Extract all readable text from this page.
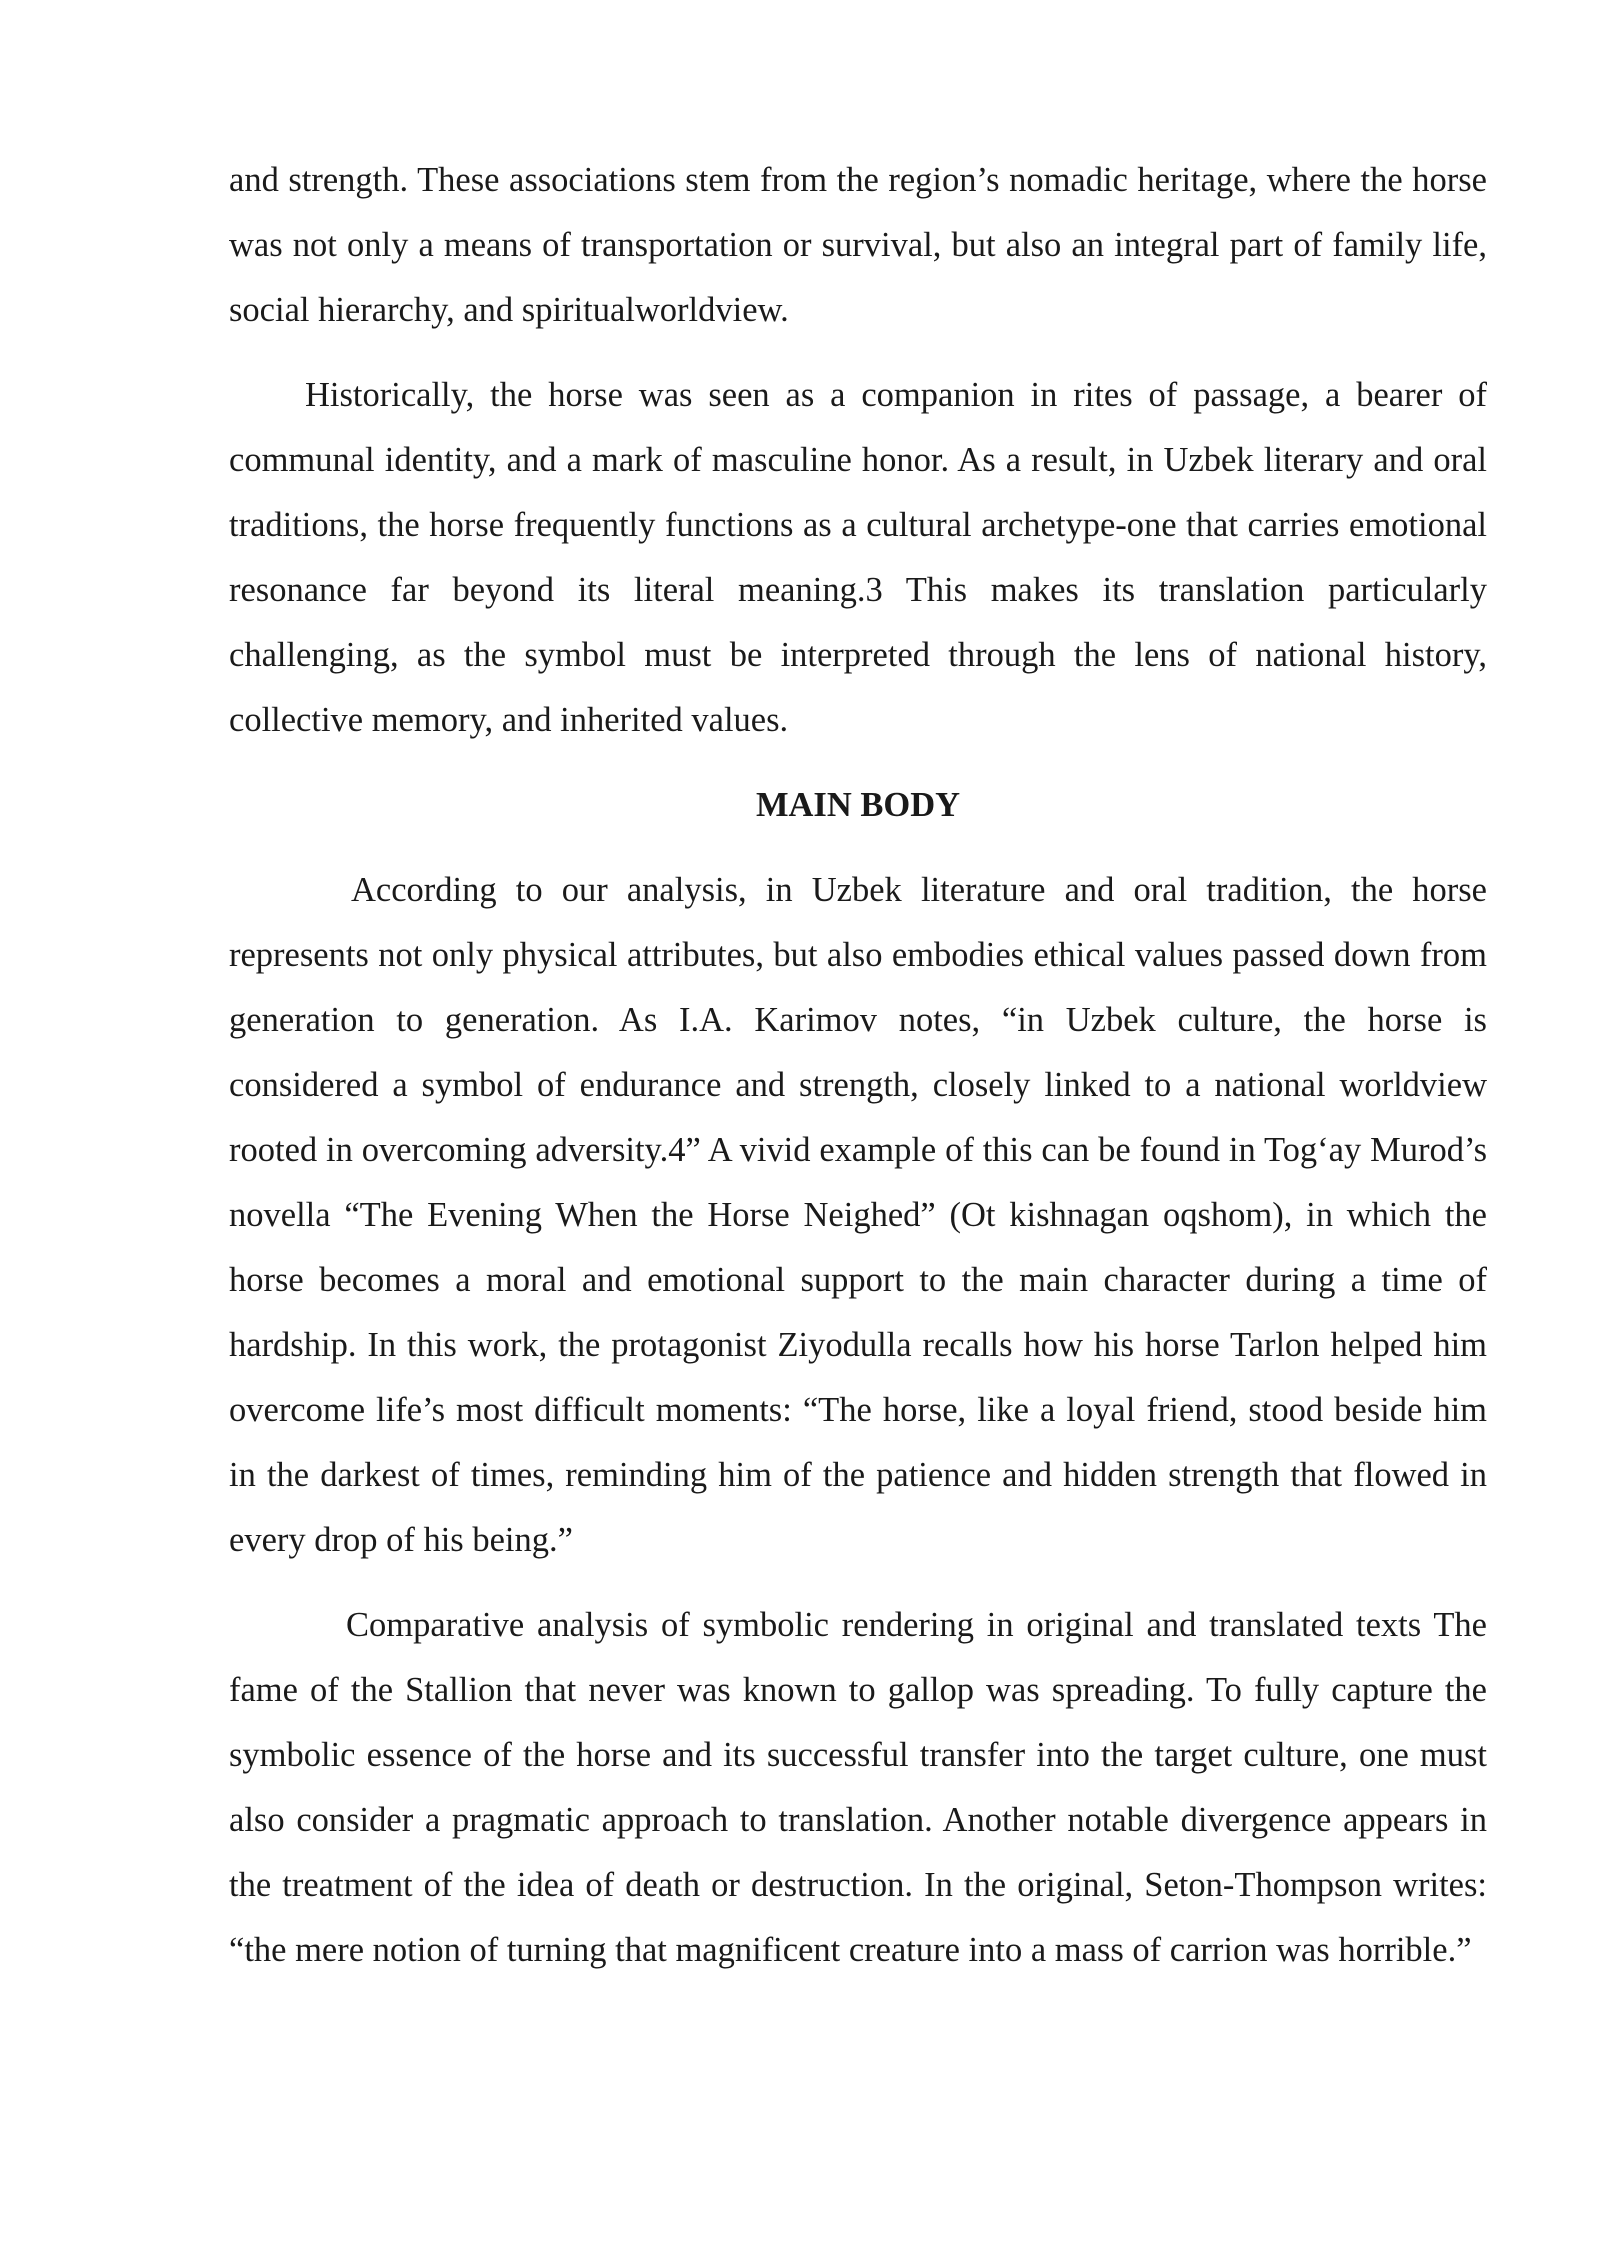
and strength. These associations stem from the region’s nomadic heritage, where the horse was not only a means of transportation or survival, but also an integral part of family life, social hierarchy, and spiritualworldview.

Historically, the horse was seen as a companion in rites of passage, a bearer of communal identity, and a mark of masculine honor. As a result, in Uzbek literary and oral traditions, the horse frequently functions as a cultural archetype-one that carries emotional resonance far beyond its literal meaning.3 This makes its translation particularly challenging, as the symbol must be interpreted through the lens of national history, collective memory, and inherited values.

MAIN BODY

According to our analysis, in Uzbek literature and oral tradition, the horse represents not only physical attributes, but also embodies ethical values passed down from generation to generation. As I.A. Karimov notes, “in Uzbek culture, the horse is considered a symbol of endurance and strength, closely linked to a national worldview rooted in overcoming adversity.4” A vivid example of this can be found in Tog‘ay Murod’s novella “The Evening When the Horse Neighed” (Ot kishnagan oqshom), in which the horse becomes a moral and emotional support to the main character during a time of hardship. In this work, the protagonist Ziyodulla recalls how his horse Tarlon helped him overcome life’s most difficult moments: “The horse, like a loyal friend, stood beside him in the darkest of times, reminding him of the patience and hidden strength that flowed in every drop of his being.”

Comparative analysis of symbolic rendering in original and translated texts The fame of the Stallion that never was known to gallop was spreading. To fully capture the symbolic essence of the horse and its successful transfer into the target culture, one must also consider a pragmatic approach to translation. Another notable divergence appears in the treatment of the idea of death or destruction. In the original, Seton-Thompson writes: “the mere notion of turning that magnificent creature into a mass of carrion was horrible.”
